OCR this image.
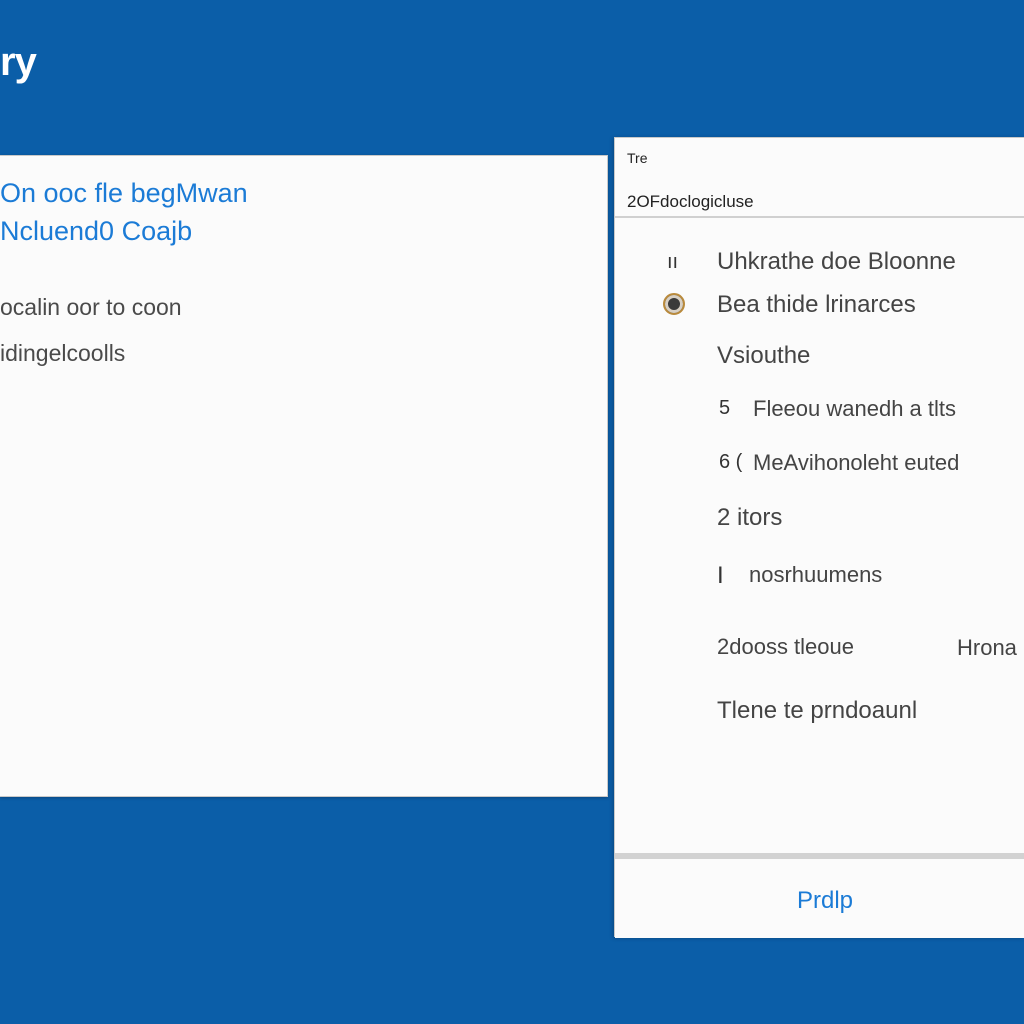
ry
On ooc fle begMwan
Ncluend0 Coajb
ocalin oor to coon
idingelcoolls
Tre
2OFdoclogicluse
ıı Uhkrathe doe Bloonne
Bea thide lrinarces
Vsiouthe
5 Fleeou wanedh a tlts
6 ( MeAvihonoleht euted
2 itors
I nosrhuumens
2dooss tleoue	Hrona
Tlene te prndoaunl
Prdlp
